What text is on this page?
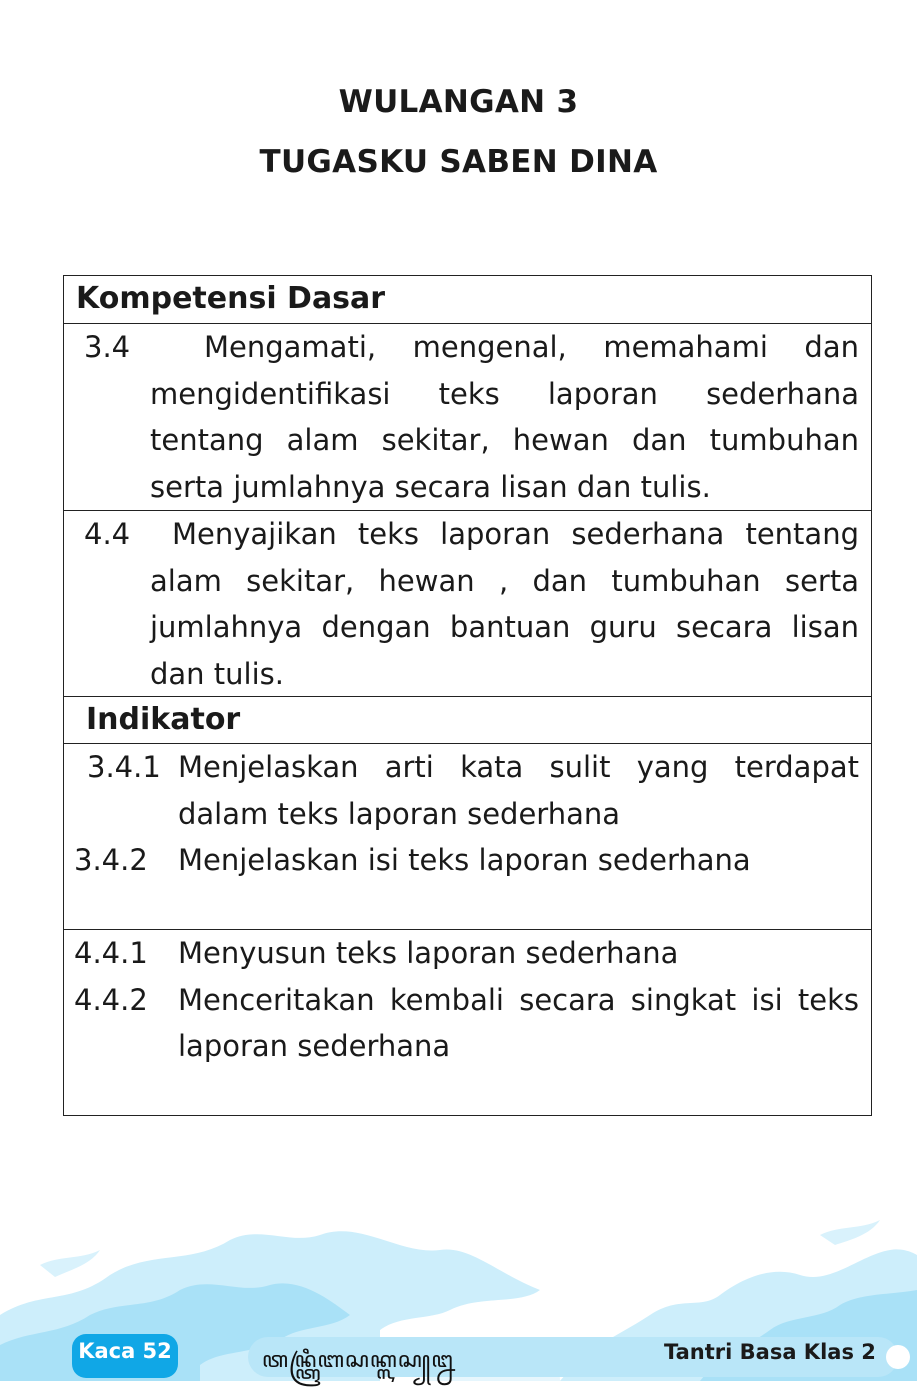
WULANGAN 3
TUGASKU SABEN DINA
Kompetensi Dasar
3.4	Mengamati, mengenal, memahami dan mengidentifikasi teks laporan sederhana tentang alam sekitar, hewan dan tumbuhan serta jumlahnya secara lisan dan tulis.
4.4	Menyajikan teks laporan sederhana tentang alam sekitar, hewan , dan tumbuhan serta jumlahnya dengan bantuan guru secara lisan dan tulis.
Indikator
3.4.1 Menjelaskan arti kata sulit yang terdapat dalam teks laporan sederhana
3.4.2 Menjelaskan isi teks laporan sederhana
4.4.1 Menyusun teks laporan sederhana
4.4.2 Menceritakan kembali secara singkat isi teks laporan sederhana
Kaca 52	ꦠꦤ꧀ꦠꦿꦶꦧꦱꦏ꧀ꦭꦱ꧀꧒	Tantri Basa Klas 2
